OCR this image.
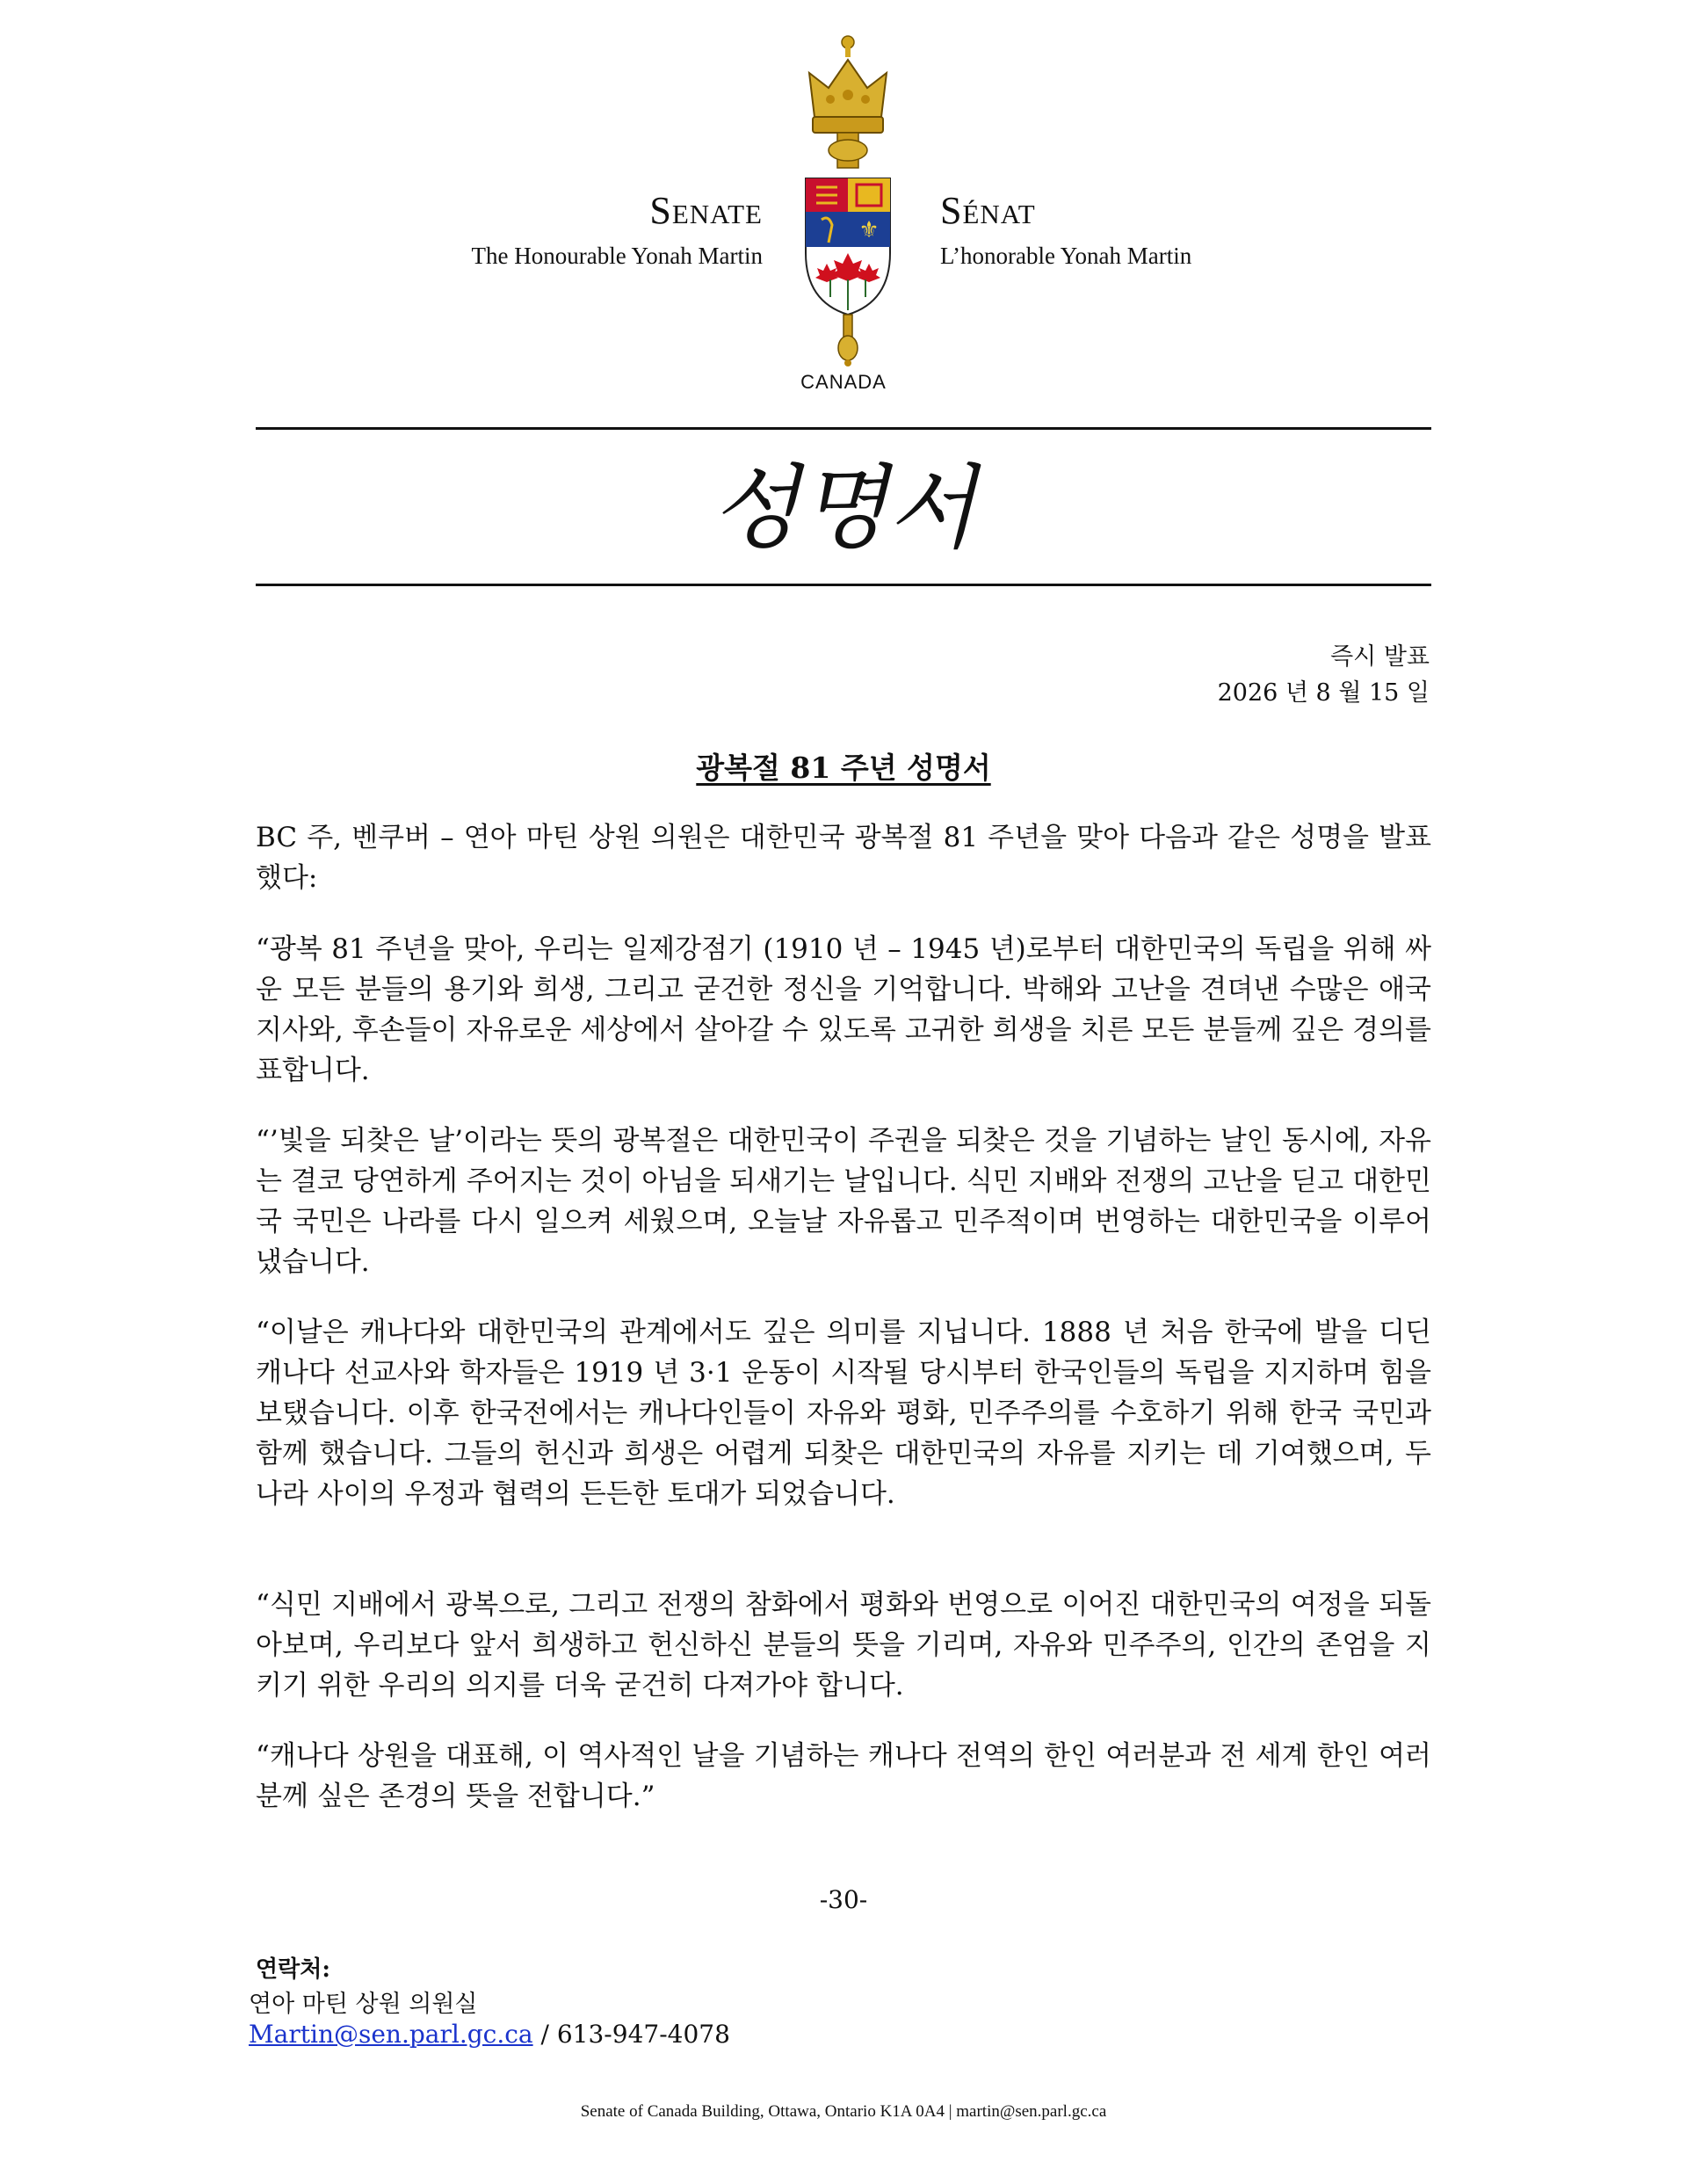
Senate
The Honourable Yonah Martin
Sénat
L’honorable Yonah Martin
⚜
CANADA
성명서
즉시 발표
2026 년 8 월 15 일
광복절 81 주년 성명서

BC 주, 벤쿠버 – 연아 마틴 상원 의원은 대한민국 광복절 81 주년을 맞아 다음과 같은 성명을 발표했다:

“광복 81 주년을 맞아, 우리는 일제강점기 (1910 년 – 1945 년)로부터 대한민국의 독립을 위해 싸운 모든 분들의 용기와 희생, 그리고 굳건한 정신을 기억합니다. 박해와 고난을 견뎌낸 수많은 애국지사와, 후손들이 자유로운 세상에서 살아갈 수 있도록 고귀한 희생을 치른 모든 분들께 깊은 경의를 표합니다.

“’빛을 되찾은 날’이라는 뜻의 광복절은 대한민국이 주권을 되찾은 것을 기념하는 날인 동시에, 자유는 결코 당연하게 주어지는 것이 아님을 되새기는 날입니다. 식민 지배와 전쟁의 고난을 딛고 대한민국 국민은 나라를 다시 일으켜 세웠으며, 오늘날 자유롭고 민주적이며 번영하는 대한민국을 이루어냈습니다.

“이날은 캐나다와 대한민국의 관계에서도 깊은 의미를 지닙니다. 1888 년 처음 한국에 발을 디딘 캐나다 선교사와 학자들은 1919 년 3·1 운동이 시작될 당시부터 한국인들의 독립을 지지하며 힘을 보탰습니다. 이후 한국전에서는 캐나다인들이 자유와 평화, 민주주의를 수호하기 위해 한국 국민과 함께 했습니다. 그들의 헌신과 희생은 어렵게 되찾은 대한민국의 자유를 지키는 데 기여했으며, 두 나라 사이의 우정과 협력의 든든한 토대가 되었습니다.

“식민 지배에서 광복으로, 그리고 전쟁의 참화에서 평화와 번영으로 이어진 대한민국의 여정을 되돌아보며, 우리보다 앞서 희생하고 헌신하신 분들의 뜻을 기리며, 자유와 민주주의, 인간의 존엄을 지키기 위한 우리의 의지를 더욱 굳건히 다져가야 합니다.

“캐나다 상원을 대표해, 이 역사적인 날을 기념하는 캐나다 전역의 한인 여러분과 전 세계 한인 여러분께 싶은 존경의 뜻을 전합니다.”

-30-
연락처:
연아 마틴 상원 의원실
Martin@sen.parl.gc.ca / 613-947-4078
Senate of Canada Building, Ottawa, Ontario K1A 0A4 | martin@sen.parl.gc.ca
